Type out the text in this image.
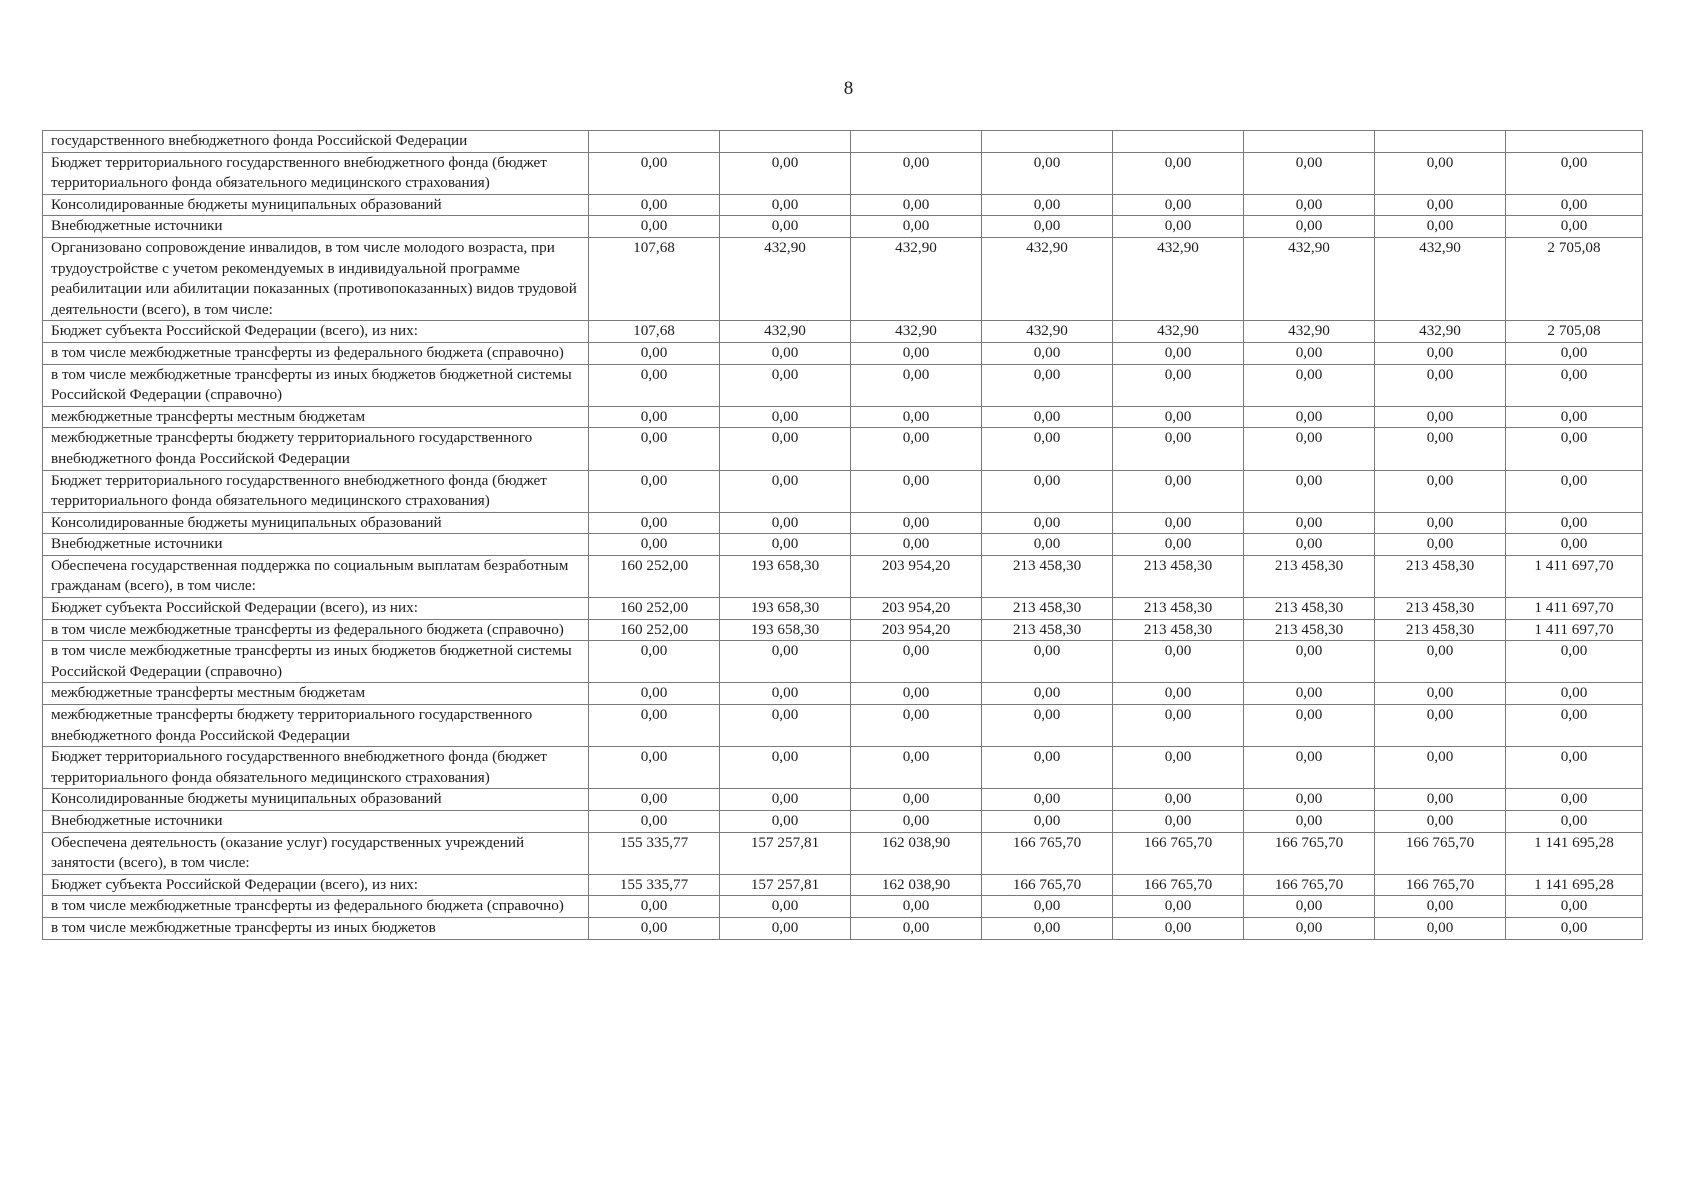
8
государственного внебюджетного фонда Российской Федерации								
Бюджет территориального государственного внебюджетного фонда (бюджет территориального фонда обязательного медицинского страхования)	0,00	0,00	0,00	0,00	0,00	0,00	0,00	0,00
Консолидированные бюджеты муниципальных образований	0,00	0,00	0,00	0,00	0,00	0,00	0,00	0,00
Внебюджетные источники	0,00	0,00	0,00	0,00	0,00	0,00	0,00	0,00
Организовано сопровождение инвалидов, в том числе молодого возраста, при трудоустройстве с учетом рекомендуемых в индивидуальной программе реабилитации или абилитации показанных (противопоказанных) видов трудовой деятельности (всего), в том числе:	107,68	432,90	432,90	432,90	432,90	432,90	432,90	2 705,08
Бюджет субъекта Российской Федерации (всего), из них:	107,68	432,90	432,90	432,90	432,90	432,90	432,90	2 705,08
в том числе межбюджетные трансферты из федерального бюджета (справочно)	0,00	0,00	0,00	0,00	0,00	0,00	0,00	0,00
в том числе межбюджетные трансферты из иных бюджетов бюджетной системы Российской Федерации (справочно)	0,00	0,00	0,00	0,00	0,00	0,00	0,00	0,00
межбюджетные трансферты местным бюджетам	0,00	0,00	0,00	0,00	0,00	0,00	0,00	0,00
межбюджетные трансферты бюджету территориального государственного внебюджетного фонда Российской Федерации	0,00	0,00	0,00	0,00	0,00	0,00	0,00	0,00
Бюджет территориального государственного внебюджетного фонда (бюджет территориального фонда обязательного медицинского страхования)	0,00	0,00	0,00	0,00	0,00	0,00	0,00	0,00
Консолидированные бюджеты муниципальных образований	0,00	0,00	0,00	0,00	0,00	0,00	0,00	0,00
Внебюджетные источники	0,00	0,00	0,00	0,00	0,00	0,00	0,00	0,00
Обеспечена государственная поддержка по социальным выплатам безработным гражданам (всего), в том числе:	160 252,00	193 658,30	203 954,20	213 458,30	213 458,30	213 458,30	213 458,30	1 411 697,70
Бюджет субъекта Российской Федерации (всего), из них:	160 252,00	193 658,30	203 954,20	213 458,30	213 458,30	213 458,30	213 458,30	1 411 697,70
в том числе межбюджетные трансферты из федерального бюджета (справочно)	160 252,00	193 658,30	203 954,20	213 458,30	213 458,30	213 458,30	213 458,30	1 411 697,70
в том числе межбюджетные трансферты из иных бюджетов бюджетной системы Российской Федерации (справочно)	0,00	0,00	0,00	0,00	0,00	0,00	0,00	0,00
межбюджетные трансферты местным бюджетам	0,00	0,00	0,00	0,00	0,00	0,00	0,00	0,00
межбюджетные трансферты бюджету территориального государственного внебюджетного фонда Российской Федерации	0,00	0,00	0,00	0,00	0,00	0,00	0,00	0,00
Бюджет территориального государственного внебюджетного фонда (бюджет территориального фонда обязательного медицинского страхования)	0,00	0,00	0,00	0,00	0,00	0,00	0,00	0,00
Консолидированные бюджеты муниципальных образований	0,00	0,00	0,00	0,00	0,00	0,00	0,00	0,00
Внебюджетные источники	0,00	0,00	0,00	0,00	0,00	0,00	0,00	0,00
Обеспечена деятельность (оказание услуг) государственных учреждений занятости (всего), в том числе:	155 335,77	157 257,81	162 038,90	166 765,70	166 765,70	166 765,70	166 765,70	1 141 695,28
Бюджет субъекта Российской Федерации (всего), из них:	155 335,77	157 257,81	162 038,90	166 765,70	166 765,70	166 765,70	166 765,70	1 141 695,28
в том числе межбюджетные трансферты из федерального бюджета (справочно)	0,00	0,00	0,00	0,00	0,00	0,00	0,00	0,00
в том числе межбюджетные трансферты из иных бюджетов	0,00	0,00	0,00	0,00	0,00	0,00	0,00	0,00
